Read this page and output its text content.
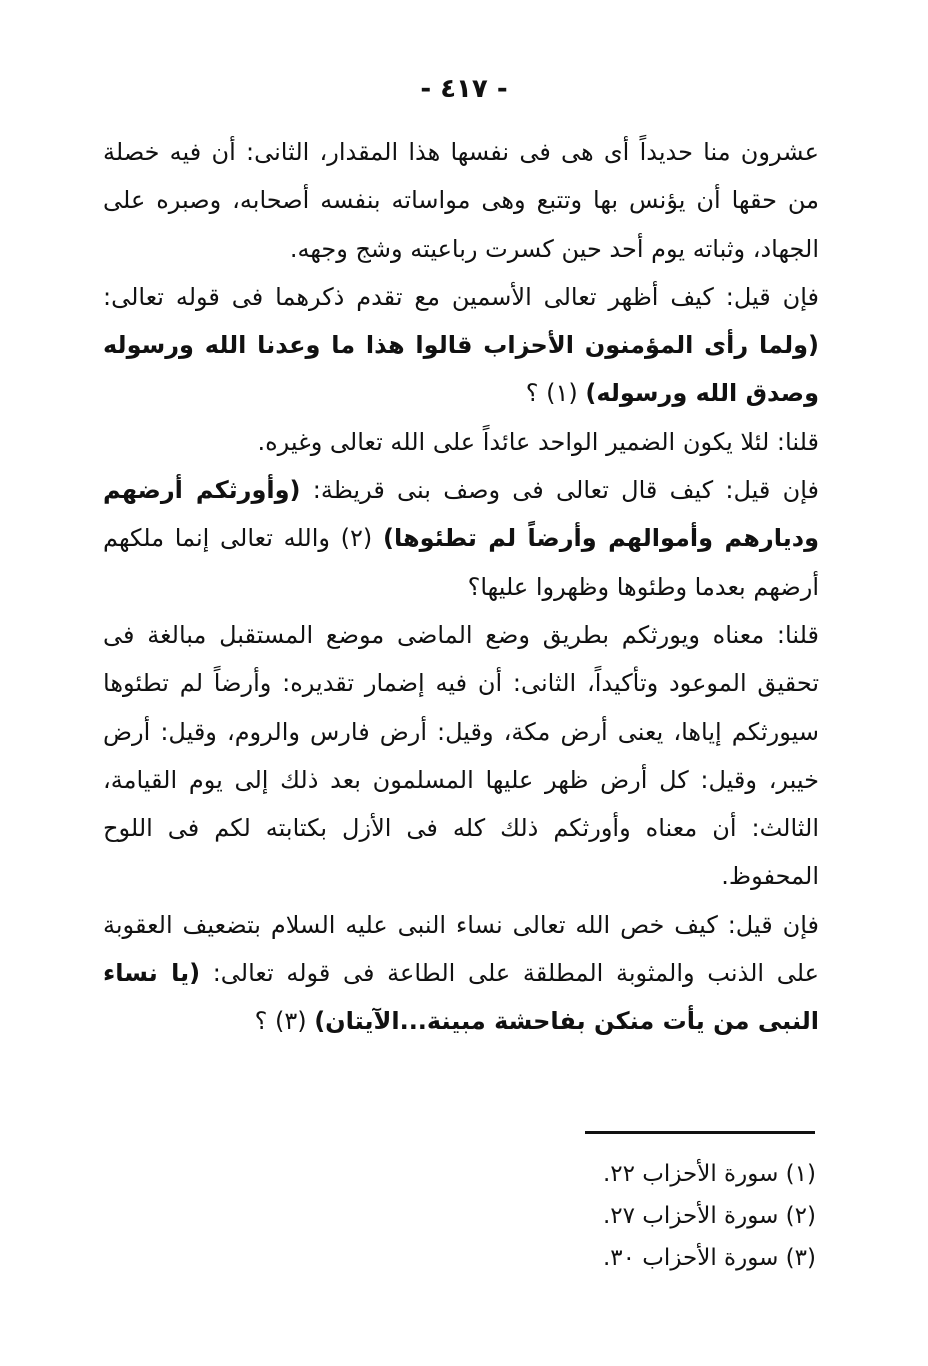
- ٤١٧ -

عشرون منا حديداً أى هى فى نفسها هذا المقدار، الثانى: أن فيه خصلة من حقها أن يؤنس بها وتتبع وهى مواساته بنفسه أصحابه، وصبره على الجهاد، وثباته يوم أحد حين كسرت رباعيته وشج وجهه.

فإن قيل: كيف أظهر تعالى الأسمين مع تقدم ذكرهما فى قوله تعالى: (ولما رأى المؤمنون الأحزاب قالوا هذا ما وعدنا الله ورسوله وصدق الله ورسوله) (١) ؟

قلنا: لئلا يكون الضمير الواحد عائداً على الله تعالى وغيره.

فإن قيل: كيف قال تعالى فى وصف بنى قريظة: (وأورثكم أرضهم وديارهم وأموالهم وأرضاً لم تطئوها) (٢) والله تعالى إنما ملكهم أرضهم بعدما وطئوها وظهروا عليها؟

قلنا: معناه ويورثكم بطريق وضع الماضى موضع المستقبل مبالغة فى تحقيق الموعود وتأكيداً، الثانى: أن فيه إضمار تقديره: وأرضاً لم تطئوها سيورثكم إياها، يعنى أرض مكة، وقيل: أرض فارس والروم، وقيل: أرض خيبر، وقيل: كل أرض ظهر عليها المسلمون بعد ذلك إلى يوم القيامة، الثالث: أن معناه وأورثكم ذلك كله فى الأزل بكتابته لكم فى اللوح المحفوظ.

فإن قيل: كيف خص الله تعالى نساء النبى عليه السلام بتضعيف العقوبة على الذنب والمثوبة المطلقة على الطاعة فى قوله تعالى: (يا نساء النبى من يأت منكن بفاحشة مبينة...الآيتان) (٣) ؟

(١) سورة الأحزاب ٢٢.

(٢) سورة الأحزاب ٢٧.

(٣) سورة الأحزاب ٣٠.
